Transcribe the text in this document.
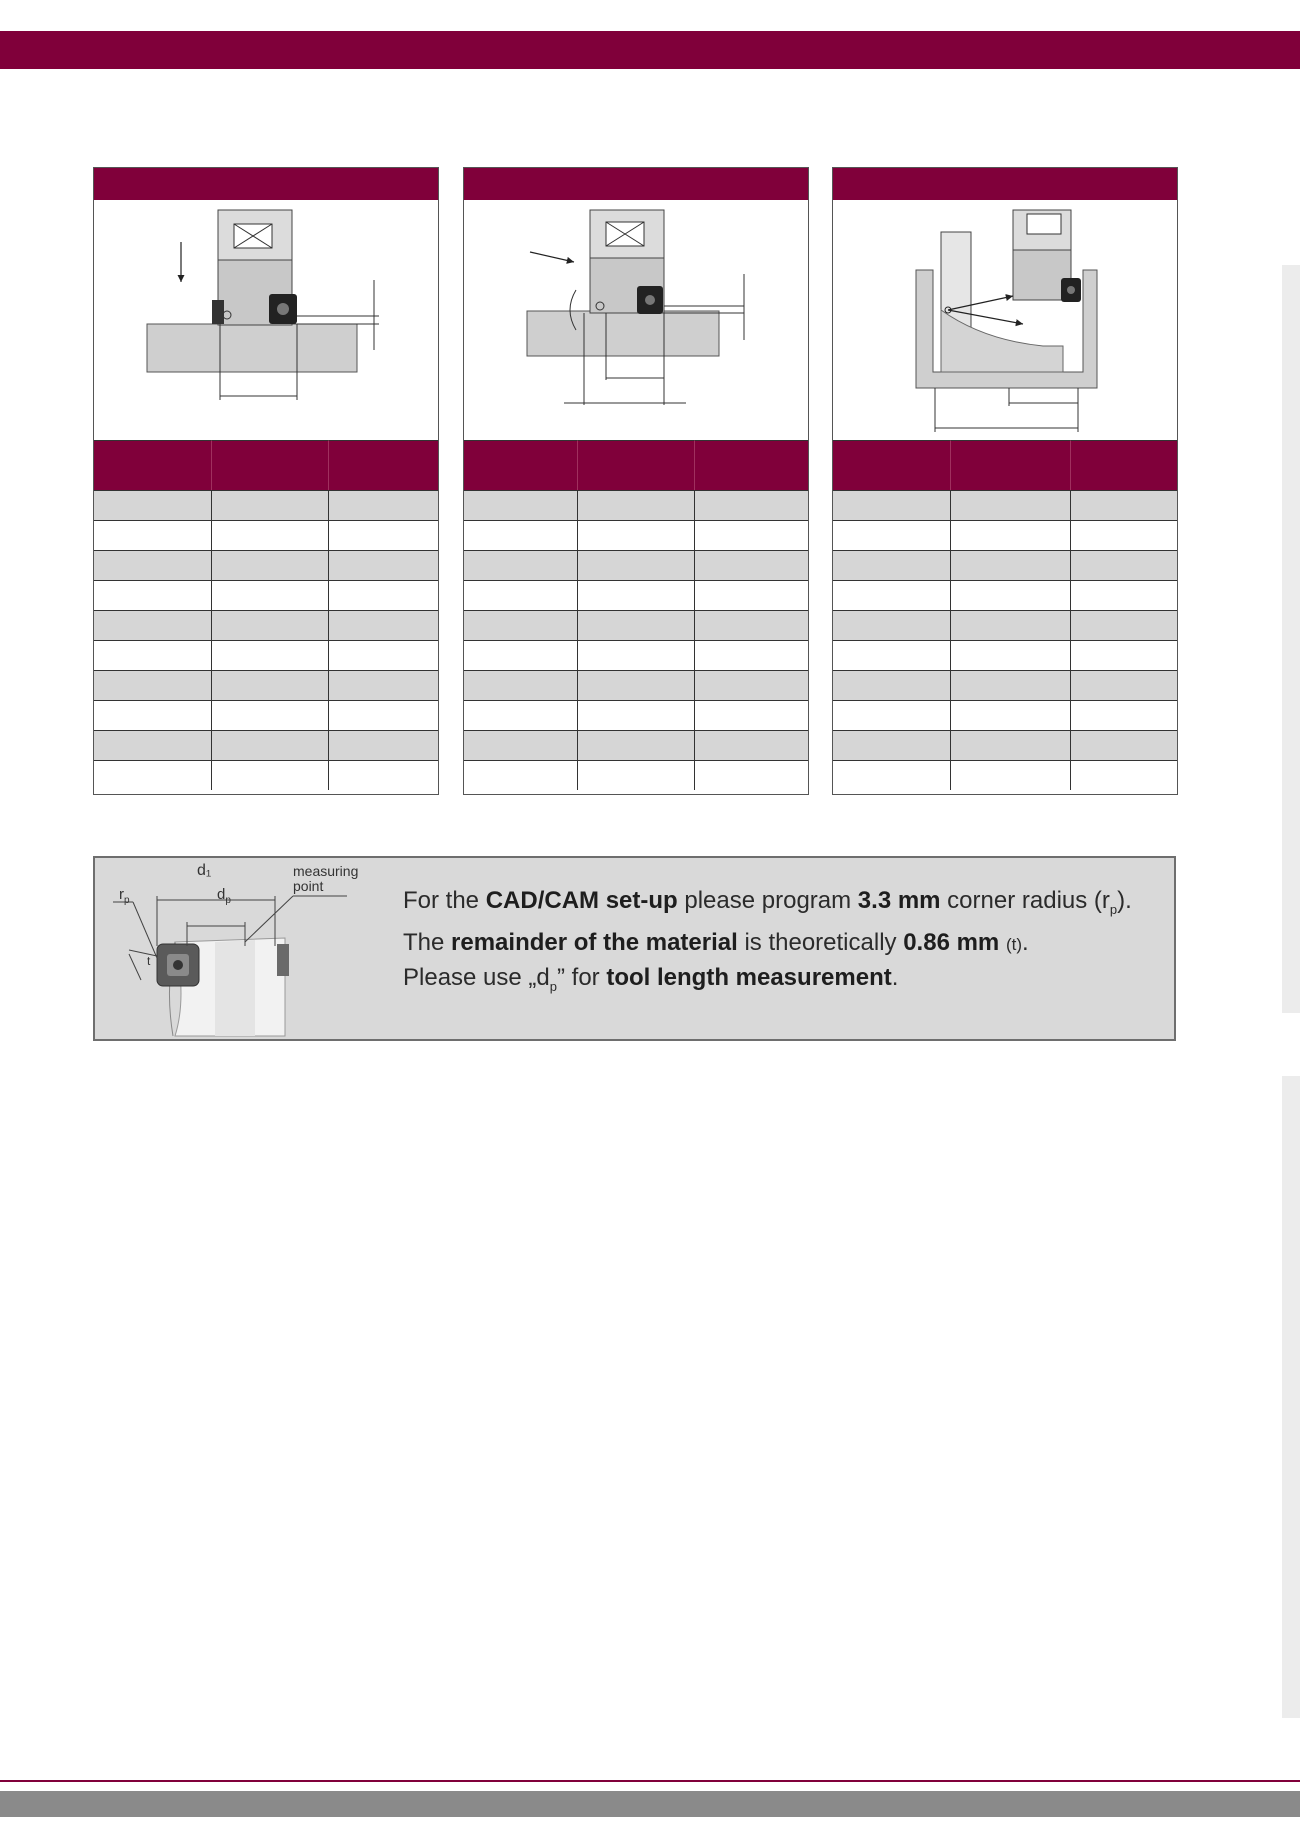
d₁
$r_p$	$d_p$
t
measuring
point
For the CAD/CAM set-up please program 3.3 mm corner radius $(r_p)$.
The remainder of the material is theoretically 0.86 mm (t).
Please use $„d_p$” for tool length measurement.
